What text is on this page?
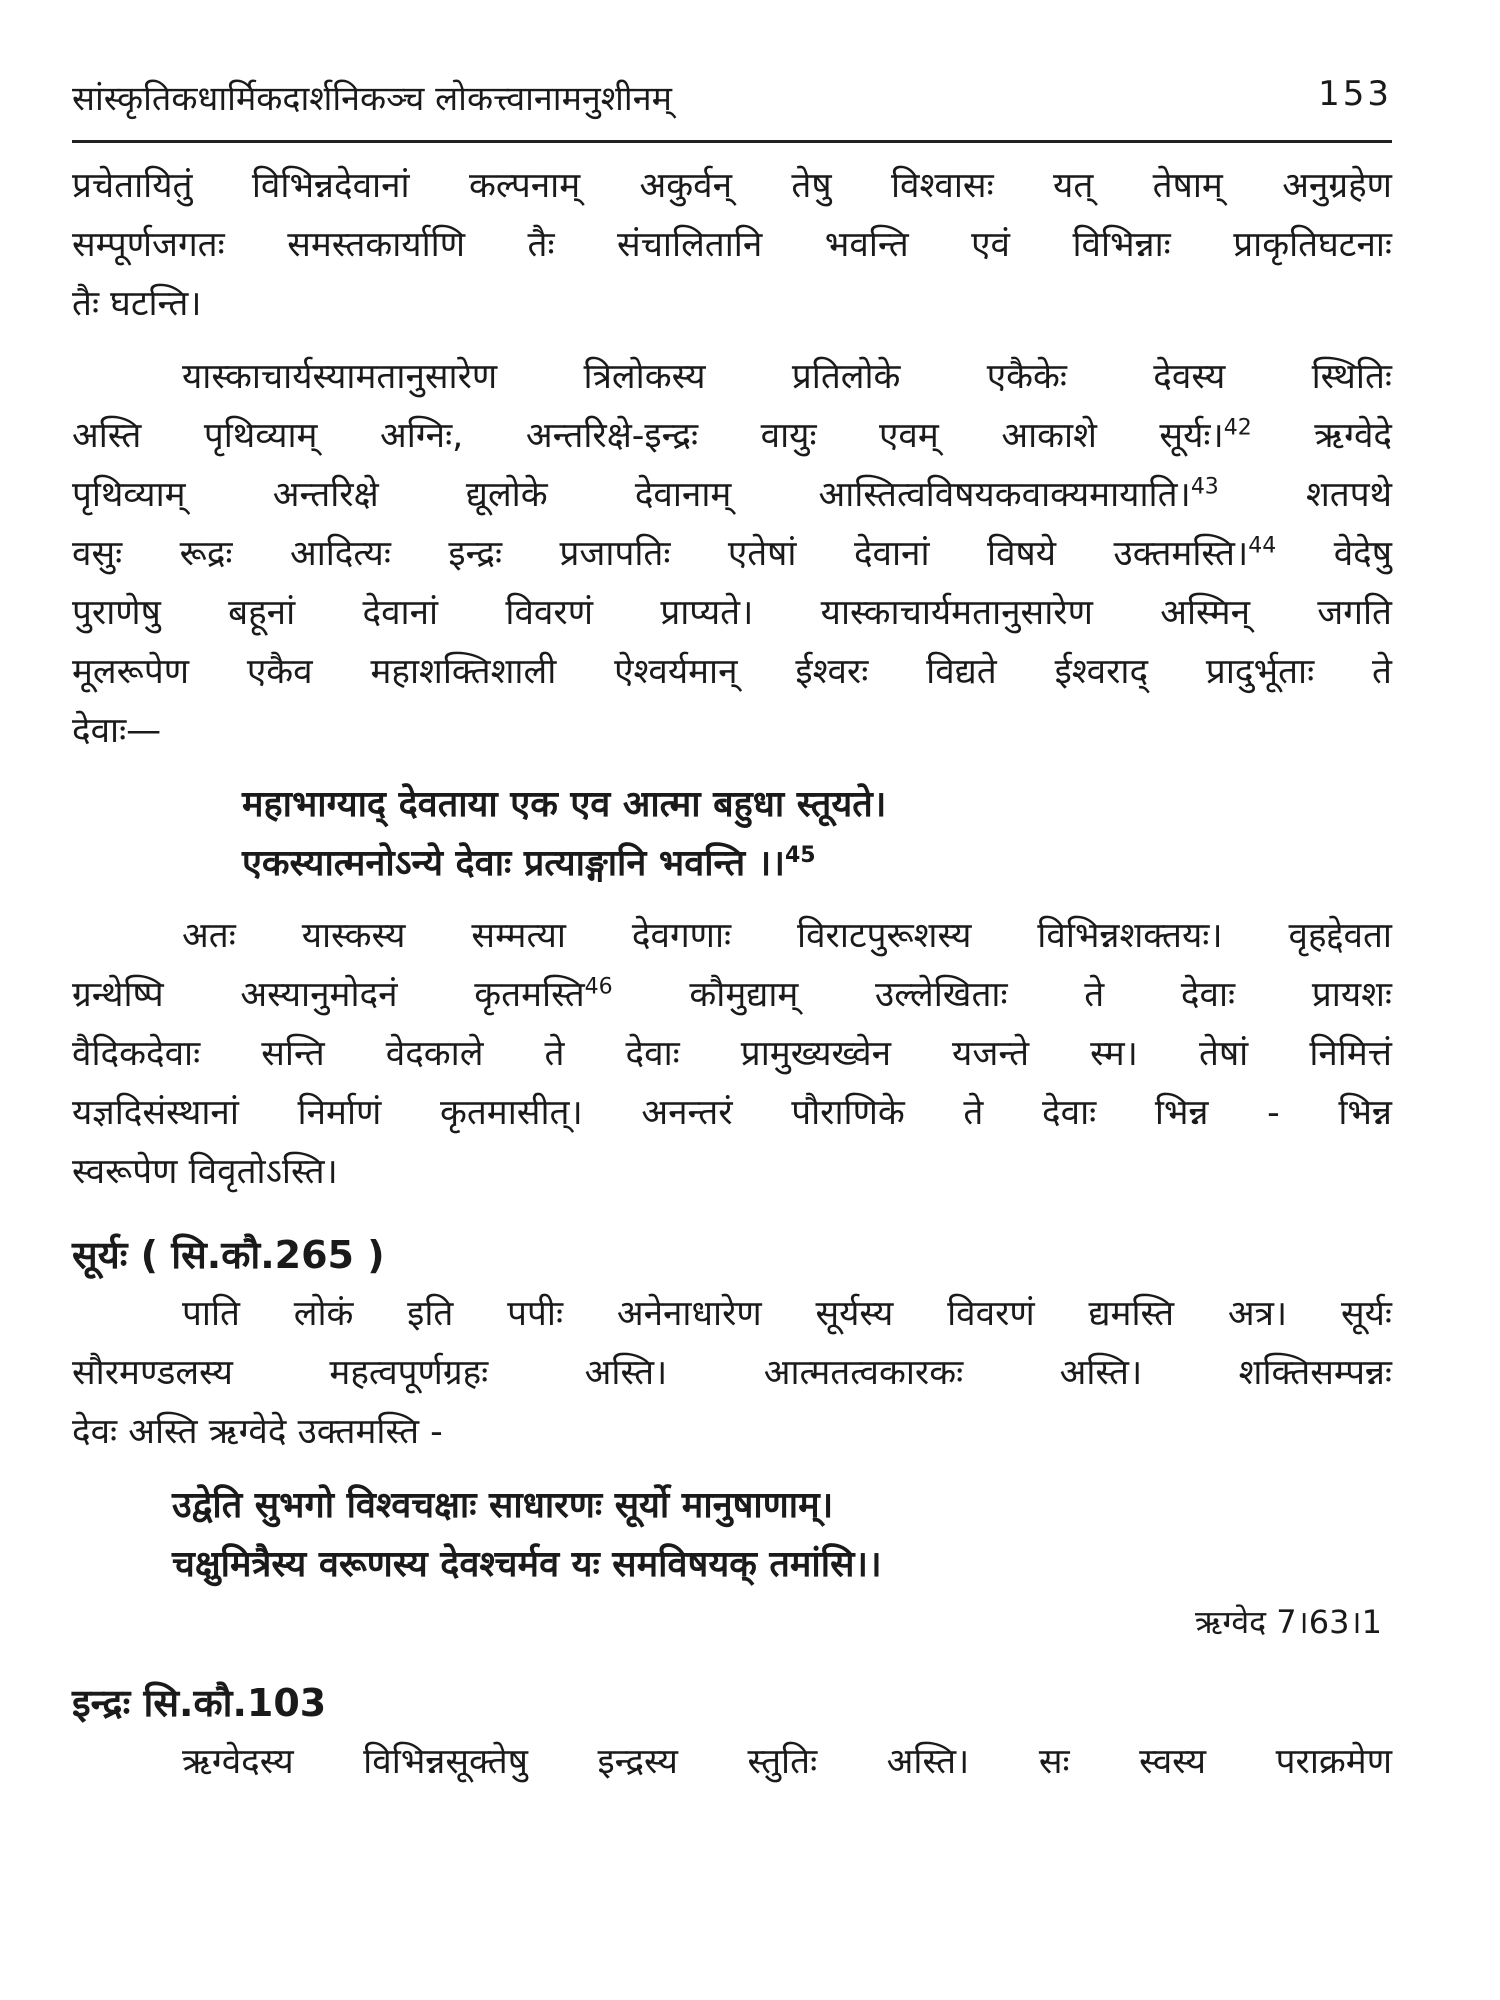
सांस्कृतिकधार्मिकदार्शनिकञ्च लोकत्त्वानामनुशीनम्	153
प्रचेतायितुं विभिन्नदेवानां कल्पनाम् अकुर्वन् तेषु विश्वासः यत् तेषाम् अनुग्रहेण
सम्पूर्णजगतः समस्तकार्याणि तैः संचालितानि भवन्ति एवं विभिन्नाः प्राकृतिघटनाः
तैः घटन्ति।
यास्काचार्यस्यामतानुसारेण त्रिलोकस्य प्रतिलोके एकैकेः देवस्य स्थितिः
अस्ति पृथिव्याम् अग्निः, अन्तरिक्षे-इन्द्रः वायुः एवम् आकाशे सूर्यः।$^{42}$ ऋग्वेदे
पृथिव्याम् अन्तरिक्षे द्यूलोके देवानाम् आस्तित्वविषयकवाक्यमायाति।$^{43}$ शतपथे
वसुः रूद्रः आदित्यः इन्द्रः प्रजापतिः एतेषां देवानां विषये उक्तमस्ति।$^{44}$ वेदेषु
पुराणेषु बहूनां देवानां विवरणं प्राप्यते। यास्काचार्यमतानुसारेण अस्मिन् जगति
मूलरूपेण एकैव महाशक्तिशाली ऐश्वर्यमान् ईश्वरः विद्यते ईश्वराद् प्रादुर्भूताः ते
देवाः—
महाभाग्याद् देवताया एक एव आत्मा बहुधा स्तूयते।
एकस्यात्मनोऽन्ये देवाः प्रत्याङ्गानि भवन्ति ।।$^{45}$
अतः यास्कस्य सम्मत्या देवगणाः विराटपुरूशस्य विभिन्नशक्तयः। वृहद्देवता
ग्रन्थेष्पि अस्यानुमोदनं कृतमस्ति$^{46}$ कौमुद्याम् उल्लेखिताः ते देवाः प्रायशः
वैदिकदेवाः सन्ति वेदकाले ते देवाः प्रामुख्यख्वेन यजन्ते स्म। तेषां निमित्तं
यज्ञदिसंस्थानां निर्माणं कृतमासीत्। अनन्तरं पौराणिके ते देवाः भिन्न - भिन्न
स्वरूपेण विवृतोऽस्ति।
सूर्यः ( सि.कौ.265 )
पाति लोकं इति पपीः अनेनाधारेण सूर्यस्य विवरणं द्यमस्ति अत्र। सूर्यः
सौरमण्डलस्य महत्वपूर्णग्रहः अस्ति। आत्मतत्वकारकः अस्ति। शक्तिसम्पन्नः
देवः अस्ति ऋग्वेदे उक्तमस्ति -
उद्वेति सुभगो विश्वचक्षाः साधारणः सूर्यो मानुषाणाम्।
चक्षुमित्रैस्य वरूणस्य देवश्चर्मव यः समविषयक् तमांसि।।
ऋग्वेद 7।63।1
इन्द्रः सि.कौ.103
ऋग्वेदस्य विभिन्नसूक्तेषु इन्द्रस्य स्तुतिः अस्ति। सः स्वस्य पराक्रमेण
